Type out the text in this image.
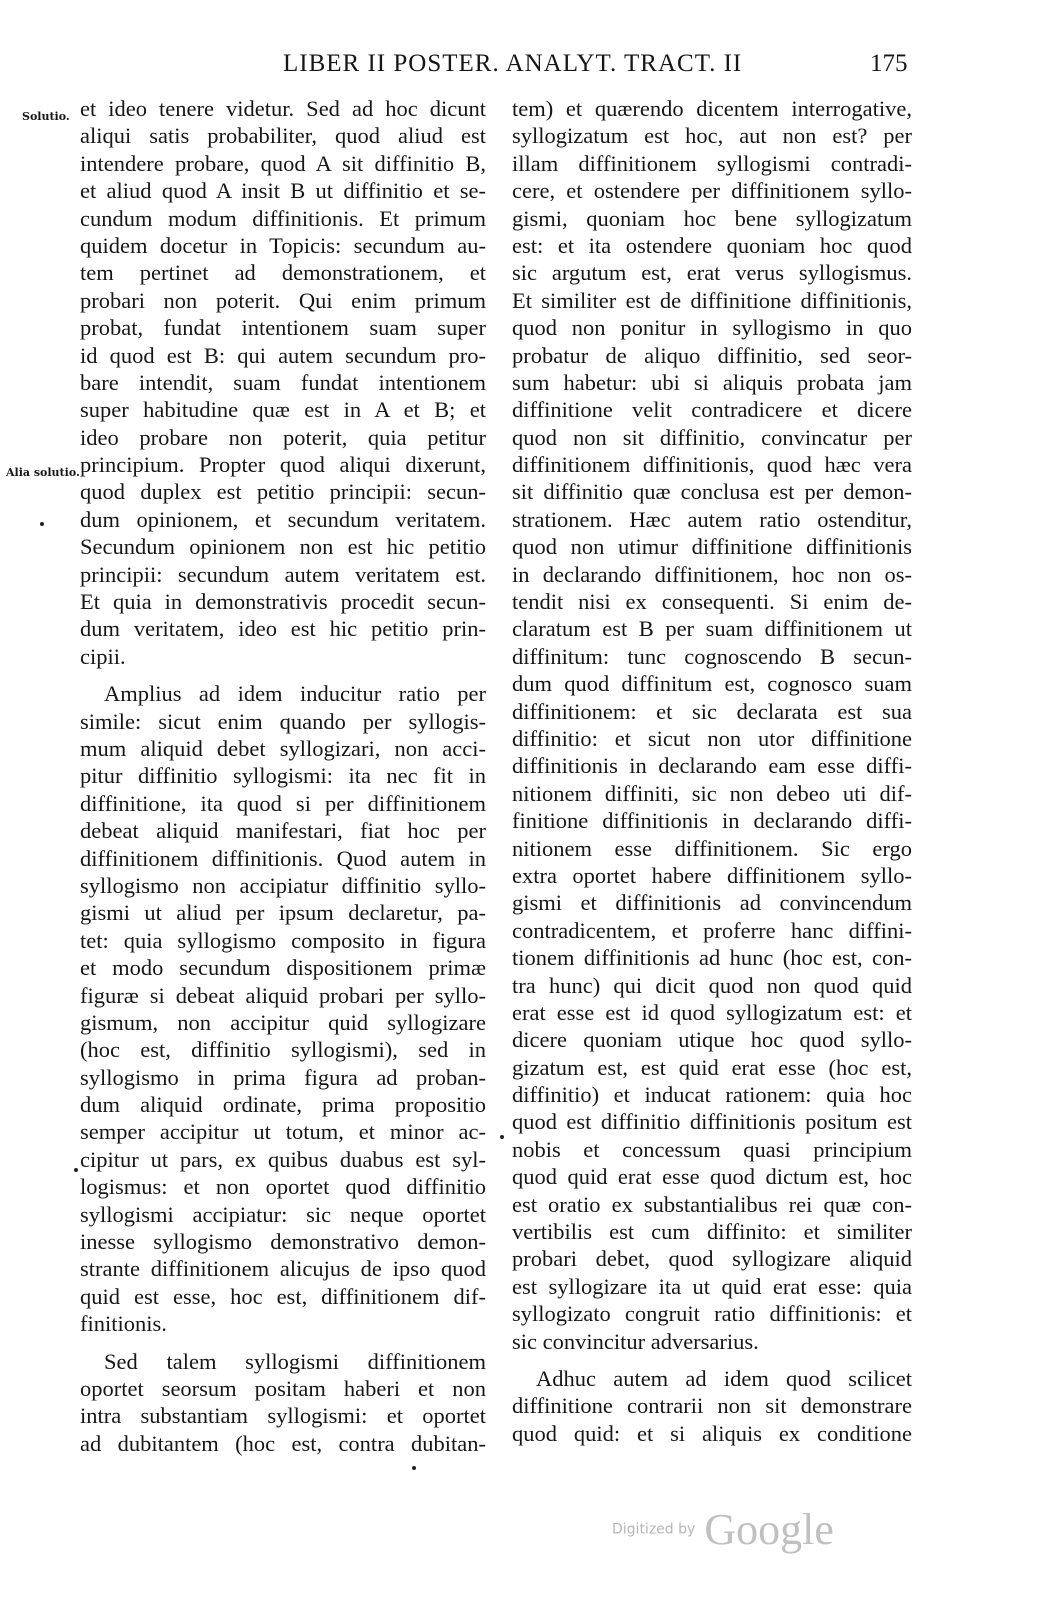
LIBER II POSTER. ANALYT. TRACT. II	175
Solutio.
Alia solutio.
et ideo tenere videtur. Sed ad hoc dicunt
aliqui satis probabiliter, quod aliud est
intendere probare, quod A sit diffinitio B,
et aliud quod A insit B ut diffinitio et se-
cundum modum diffinitionis. Et primum
quidem docetur in Topicis: secundum au-
tem pertinet ad demonstrationem, et
probari non poterit. Qui enim primum
probat, fundat intentionem suam super
id quod est B: qui autem secundum pro-
bare intendit, suam fundat intentionem
super habitudine quæ est in A et B; et
ideo probare non poterit, quia petitur
principium. Propter quod aliqui dixerunt,
quod duplex est petitio principii: secun-
dum opinionem, et secundum veritatem.
Secundum opinionem non est hic petitio
principii: secundum autem veritatem est.
Et quia in demonstrativis procedit secun-
dum veritatem, ideo est hic petitio prin-
cipii.
Amplius ad idem inducitur ratio per
simile: sicut enim quando per syllogis-
mum aliquid debet syllogizari, non acci-
pitur diffinitio syllogismi: ita nec fit in
diffinitione, ita quod si per diffinitionem
debeat aliquid manifestari, fiat hoc per
diffinitionem diffinitionis. Quod autem in
syllogismo non accipiatur diffinitio syllo-
gismi ut aliud per ipsum declaretur, pa-
tet: quia syllogismo composito in figura
et modo secundum dispositionem primæ
figuræ si debeat aliquid probari per syllo-
gismum, non accipitur quid syllogizare
(hoc est, diffinitio syllogismi), sed in
syllogismo in prima figura ad proban-
dum aliquid ordinate, prima propositio
semper accipitur ut totum, et minor ac-
cipitur ut pars, ex quibus duabus est syl-
logismus: et non oportet quod diffinitio
syllogismi accipiatur: sic neque oportet
inesse syllogismo demonstrativo demon-
strante diffinitionem alicujus de ipso quod
quid est esse, hoc est, diffinitionem dif-
finitionis.
Sed talem syllogismi diffinitionem
oportet seorsum positam haberi et non
intra substantiam syllogismi: et oportet
ad dubitantem (hoc est, contra dubitan-
tem) et quærendo dicentem interrogative,
syllogizatum est hoc, aut non est? per
illam diffinitionem syllogismi contradi-
cere, et ostendere per diffinitionem syllo-
gismi, quoniam hoc bene syllogizatum
est: et ita ostendere quoniam hoc quod
sic argutum est, erat verus syllogismus.
Et similiter est de diffinitione diffinitionis,
quod non ponitur in syllogismo in quo
probatur de aliquo diffinitio, sed seor-
sum habetur: ubi si aliquis probata jam
diffinitione velit contradicere et dicere
quod non sit diffinitio, convincatur per
diffinitionem diffinitionis, quod hæc vera
sit diffinitio quæ conclusa est per demon-
strationem. Hæc autem ratio ostenditur,
quod non utimur diffinitione diffinitionis
in declarando diffinitionem, hoc non os-
tendit nisi ex consequenti. Si enim de-
claratum est B per suam diffinitionem ut
diffinitum: tunc cognoscendo B secun-
dum quod diffinitum est, cognosco suam
diffinitionem: et sic declarata est sua
diffinitio: et sicut non utor diffinitione
diffinitionis in declarando eam esse diffi-
nitionem diffiniti, sic non debeo uti dif-
finitione diffinitionis in declarando diffi-
nitionem esse diffinitionem. Sic ergo
extra oportet habere diffinitionem syllo-
gismi et diffinitionis ad convincendum
contradicentem, et proferre hanc diffini-
tionem diffinitionis ad hunc (hoc est, con-
tra hunc) qui dicit quod non quod quid
erat esse est id quod syllogizatum est: et
dicere quoniam utique hoc quod syllo-
gizatum est, est quid erat esse (hoc est,
diffinitio) et inducat rationem: quia hoc
quod est diffinitio diffinitionis positum est
nobis et concessum quasi principium
quod quid erat esse quod dictum est, hoc
est oratio ex substantialibus rei quæ con-
vertibilis est cum diffinito: et similiter
probari debet, quod syllogizare aliquid
est syllogizare ita ut quid erat esse: quia
syllogizato congruit ratio diffinitionis: et
sic convincitur adversarius.
Adhuc autem ad idem quod scilicet
diffinitione contrarii non sit demonstrare
quod quid: et si aliquis ex conditione
Digitized by Google
